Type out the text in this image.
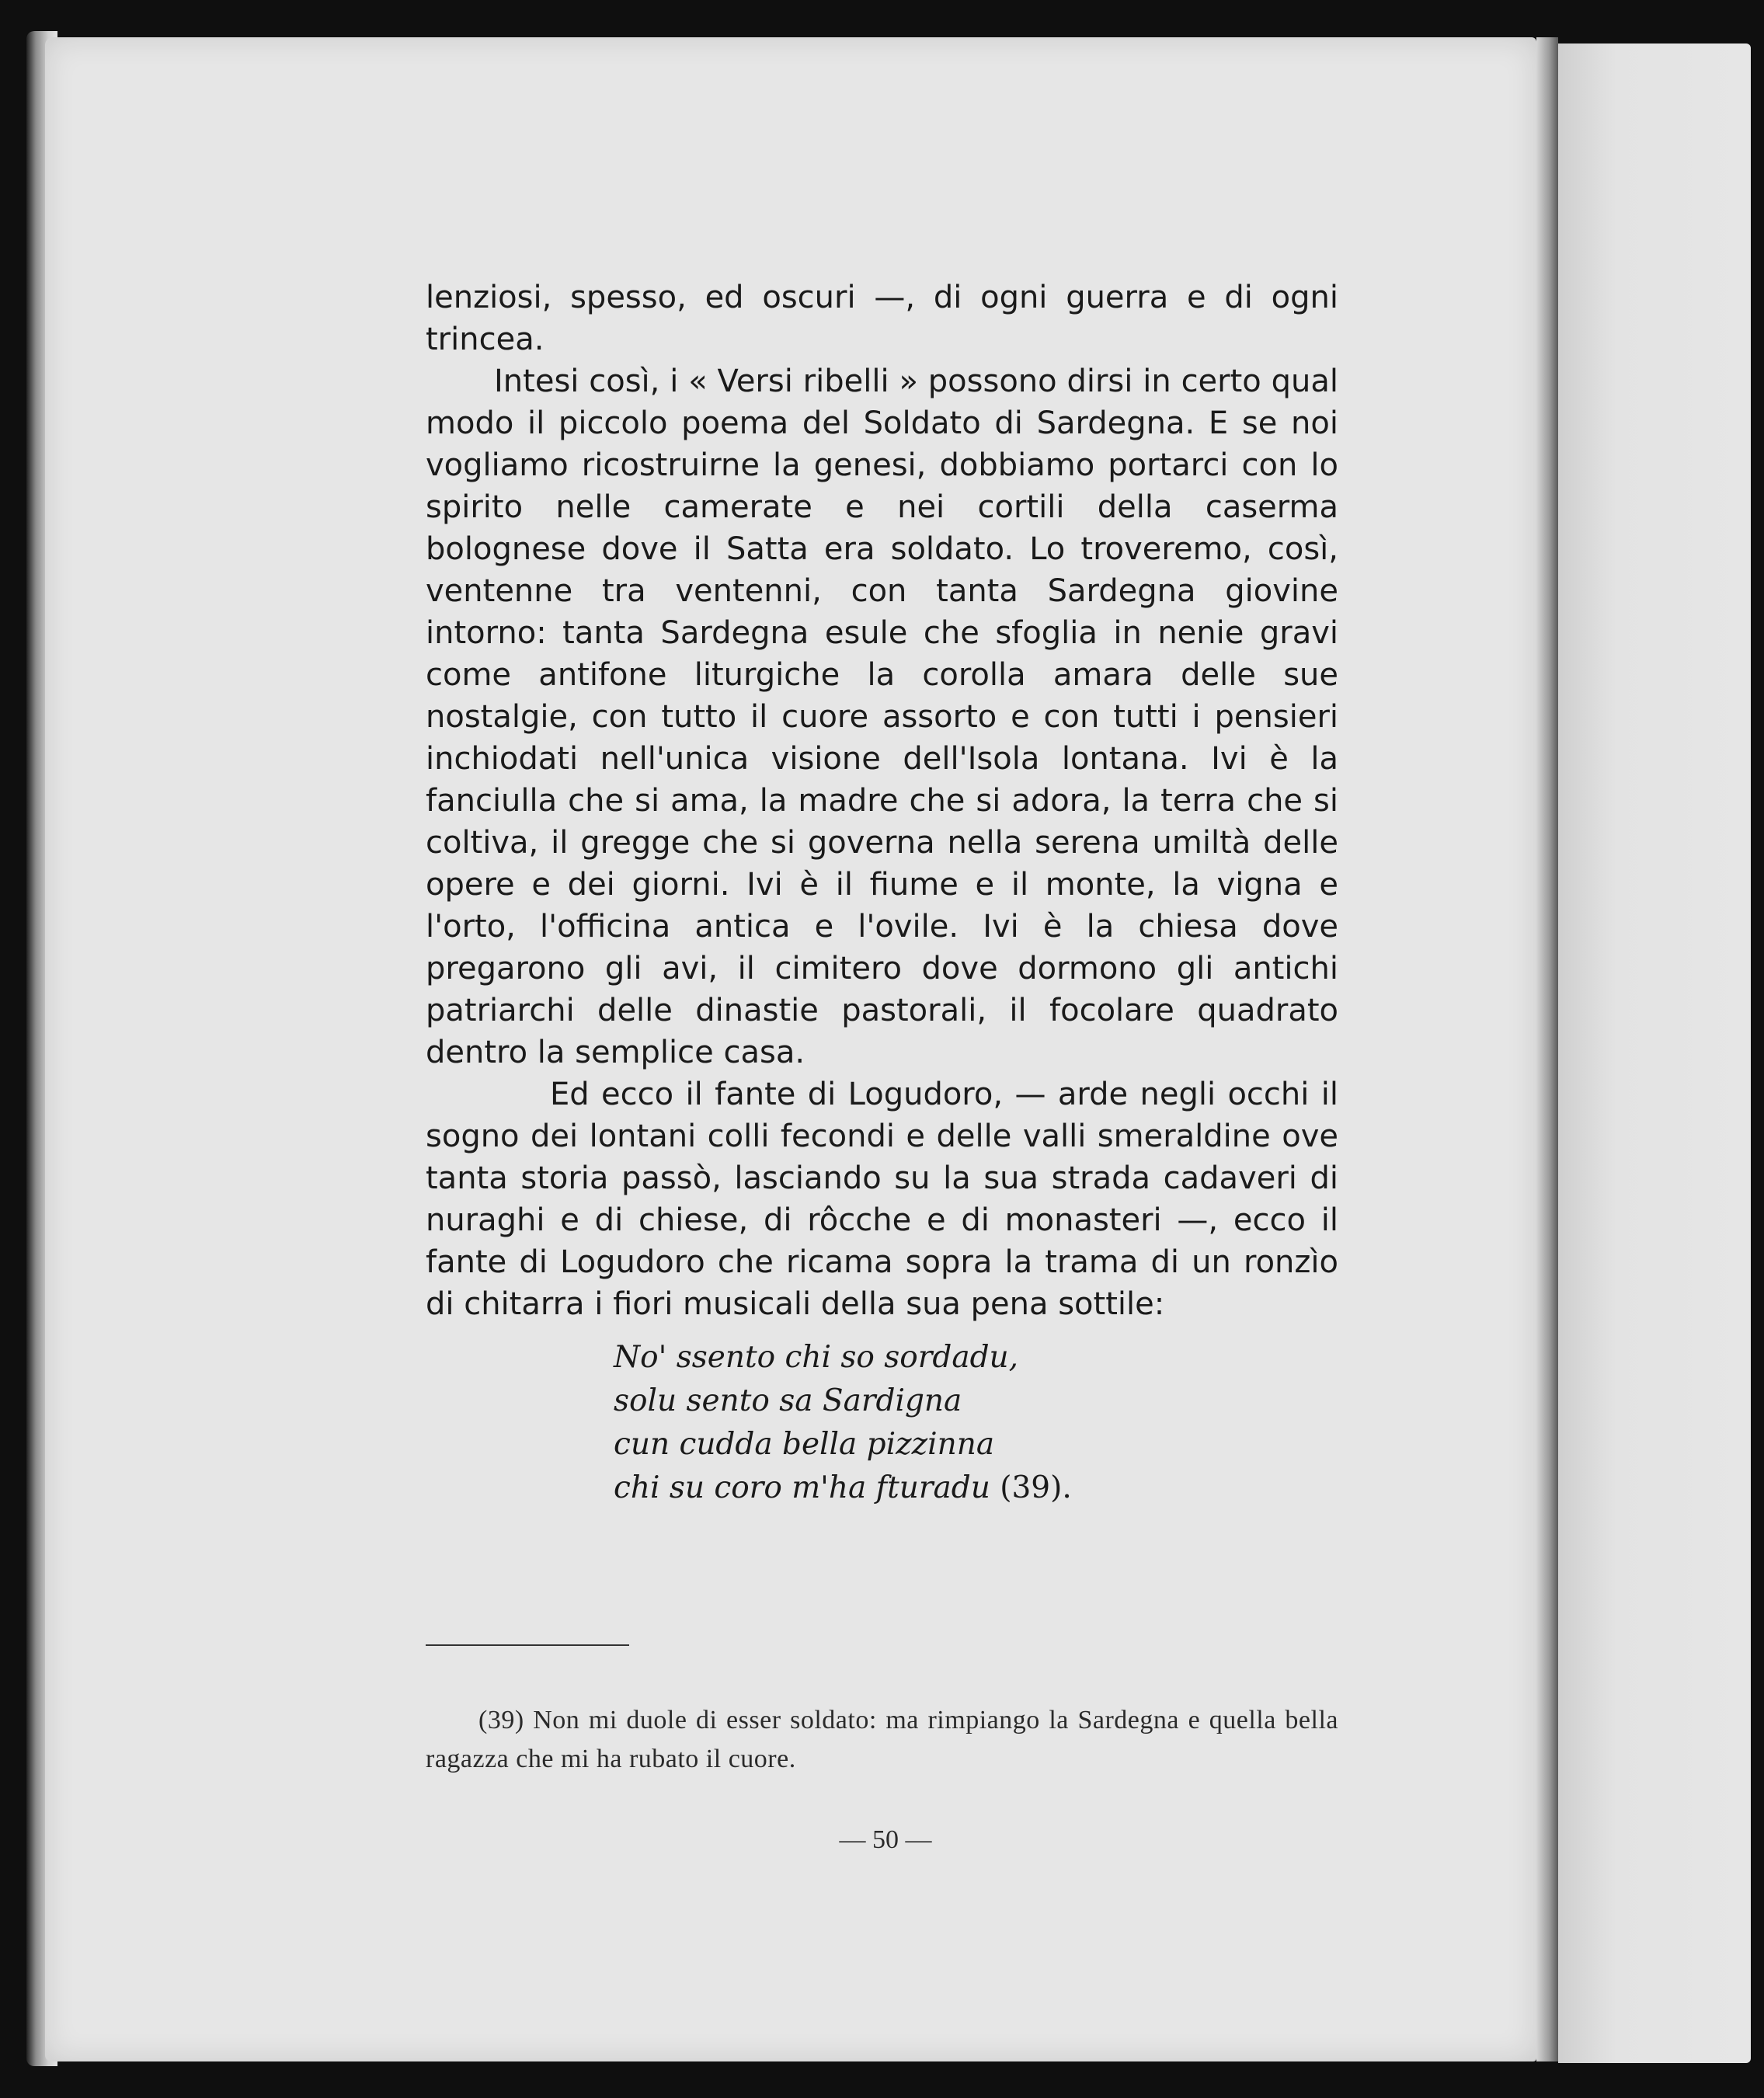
lenziosi, spesso, ed oscuri —, di ogni guerra e di ogni trincea.

Intesi così, i « Versi ribelli » possono dirsi in certo qual modo il piccolo poema del Soldato di Sardegna. E se noi vogliamo ricostruirne la genesi, dobbiamo portarci con lo spirito nelle camerate e nei cortili della caserma bolognese dove il Satta era soldato. Lo troveremo, così, ventenne tra ventenni, con tanta Sardegna giovine intorno: tanta Sardegna esule che sfoglia in nenie gravi come antifone liturgiche la corolla amara delle sue nostalgie, con tutto il cuore assorto e con tutti i pensieri inchiodati nell'unica visione dell'Isola lontana. Ivi è la fanciulla che si ama, la madre che si adora, la terra che si coltiva, il gregge che si governa nella serena umiltà delle opere e dei giorni. Ivi è il fiume e il monte, la vigna e l'orto, l'officina antica e l'ovile. Ivi è la chiesa dove pregarono gli avi, il cimitero dove dormono gli antichi patriarchi delle dinastie pastorali, il focolare quadrato dentro la semplice casa.

Ed ecco il fante di Logudoro, — arde negli occhi il sogno dei lontani colli fecondi e delle valli smeraldine ove tanta storia passò, lasciando su la sua strada cadaveri di nuraghi e di chiese, di rôcche e di monasteri —, ecco il fante di Logudoro che ricama sopra la trama di un ronzìo di chitarra i fiori musicali della sua pena sottile:

No' ssento chi so sordadu,
solu sento sa Sardigna
cun cudda bella pizzinna
chi su coro m'ha fturadu (39).
(39) Non mi duole di esser soldato: ma rimpiango la Sardegna e quella bella ragazza che mi ha rubato il cuore.
— 50 —
